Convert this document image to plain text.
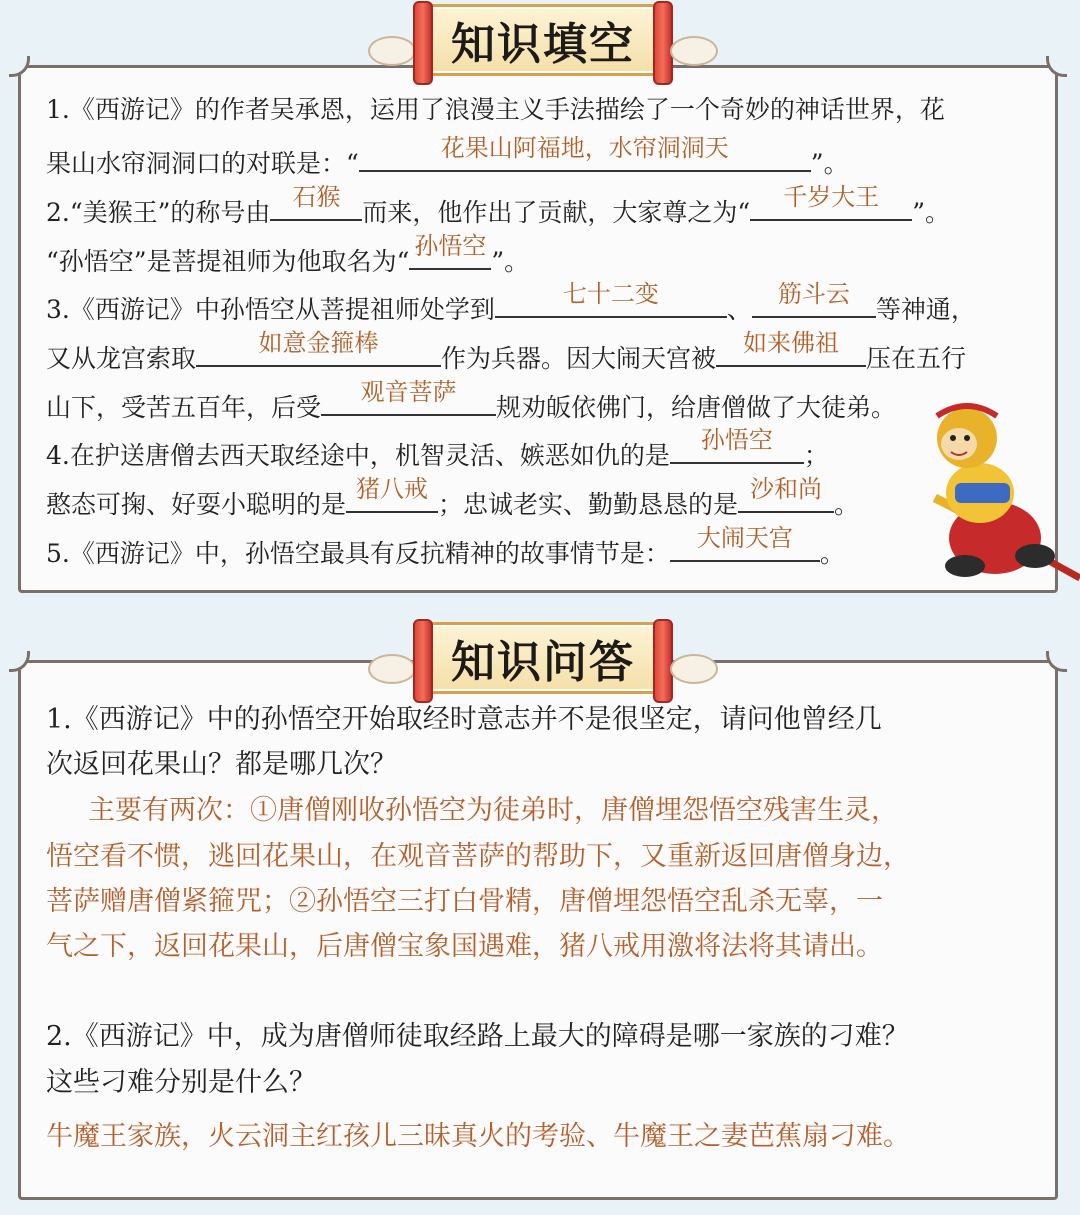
知识填空
1.《西游记》的作者吴承恩，运用了浪漫主义手法描绘了一个奇妙的神话世界，花
果山水帘洞洞口的对联是：“
花果山阿福地，水帘洞洞天
”。
2.“美猴王”的称号由
石猴
而来，他作出了贡献，大家尊之为“
千岁大王
”。
“孙悟空”是菩提祖师为他取名为“
孙悟空
”。
3.《西游记》中孙悟空从菩提祖师处学到
七十二变
、
筋斗云
等神通，
又从龙宫索取
如意金箍棒
作为兵器。因大闹天宫被
如来佛祖
压在五行
山下，受苦五百年，后受
观音菩萨
规劝皈依佛门，给唐僧做了大徒弟。
4.在护送唐僧去西天取经途中，机智灵活、嫉恶如仇的是
孙悟空
；
憨态可掬、好耍小聪明的是
猪八戒
；忠诚老实、勤勤恳恳的是
沙和尚
。
5.《西游记》中，孙悟空最具有反抗精神的故事情节是：
大闹天宫
。
知识问答
1.《西游记》中的孙悟空开始取经时意志并不是很坚定，请问他曾经几
次返回花果山？都是哪几次？
主要有两次：①唐僧刚收孙悟空为徒弟时，唐僧埋怨悟空残害生灵，
悟空看不惯，逃回花果山，在观音菩萨的帮助下，又重新返回唐僧身边，
菩萨赠唐僧紧箍咒；②孙悟空三打白骨精，唐僧埋怨悟空乱杀无辜，一
气之下，返回花果山，后唐僧宝象国遇难，猪八戒用激将法将其请出。
2.《西游记》中，成为唐僧师徒取经路上最大的障碍是哪一家族的刁难？
这些刁难分别是什么？
牛魔王家族，火云洞主红孩儿三昧真火的考验、牛魔王之妻芭蕉扇刁难。
